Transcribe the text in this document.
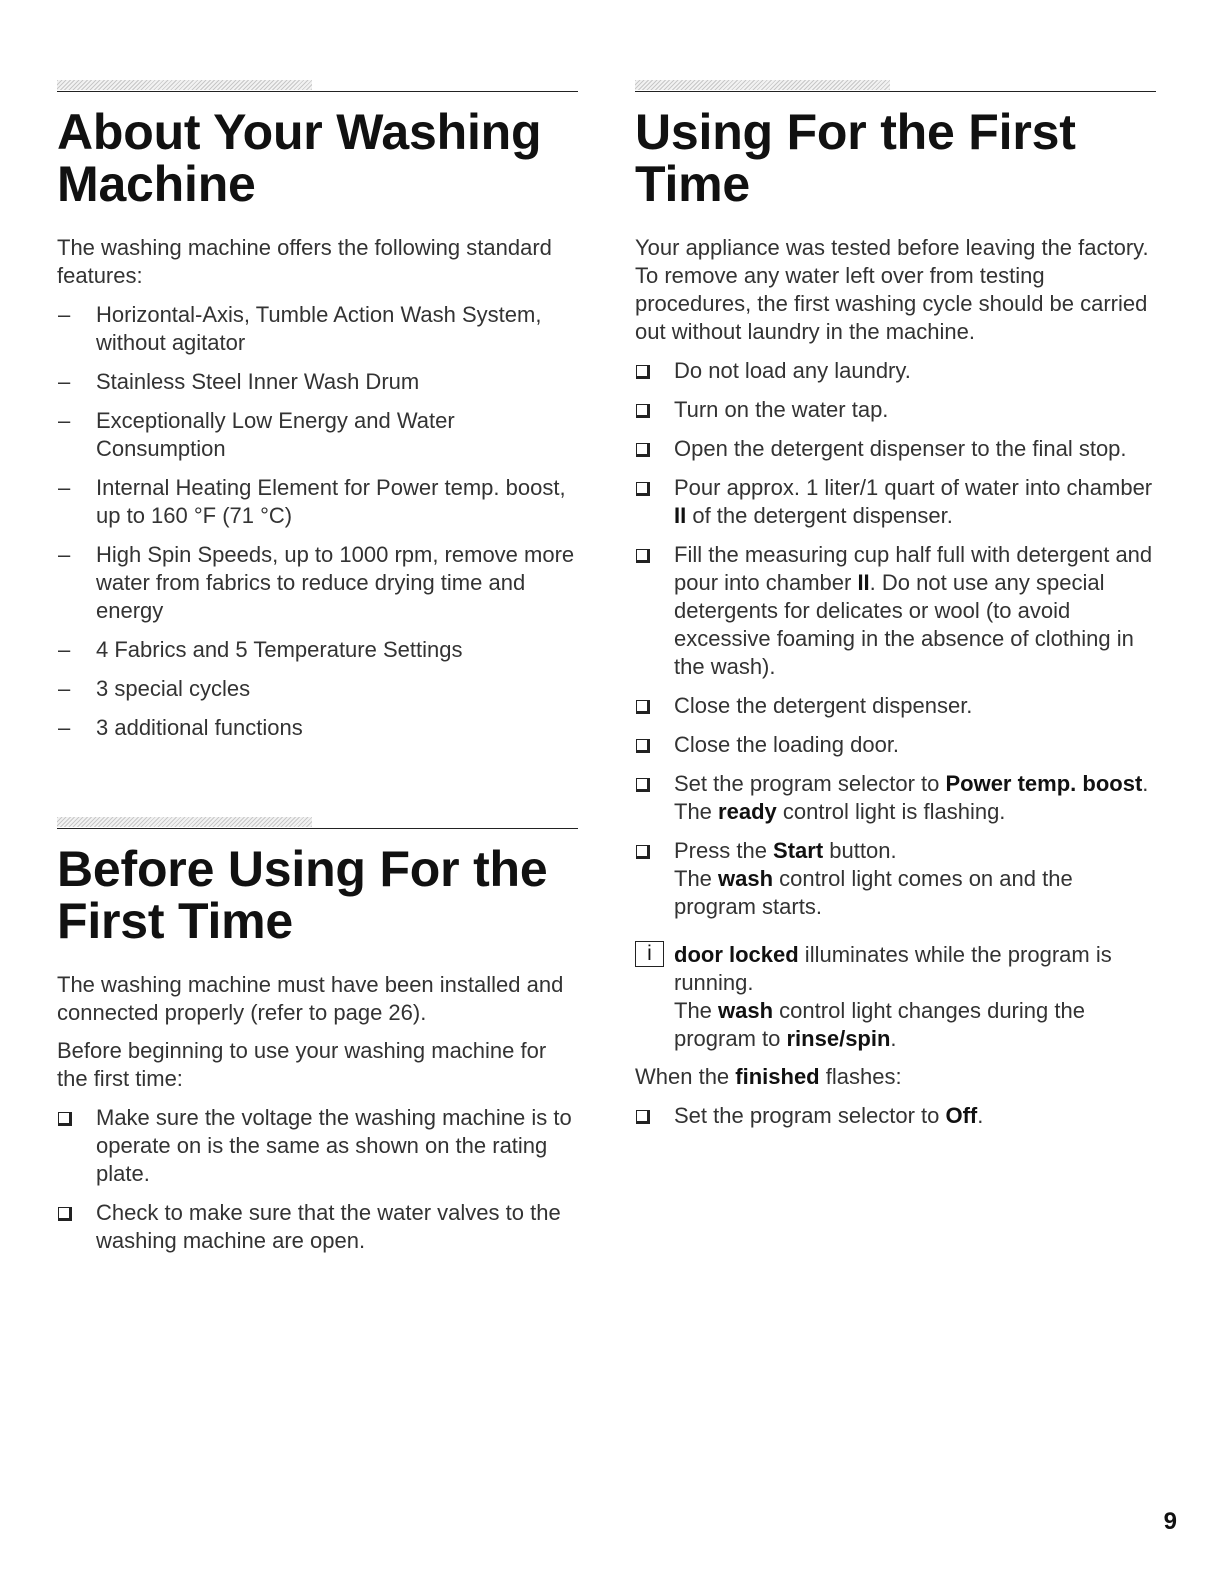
About Your Washing Machine

The washing machine offers the following standard features:

– Horizontal-Axis, Tumble Action Wash System, without agitator
– Stainless Steel Inner Wash Drum
– Exceptionally Low Energy and Water Consumption
– Internal Heating Element for Power temp. boost, up to 160 °F (71 °C)
– High Spin Speeds, up to 1000 rpm, remove more water from fabrics to reduce drying time and energy
– 4 Fabrics and 5 Temperature Settings
– 3 special cycles
– 3 additional functions
Before Using For the First Time

The washing machine must have been installed and connected properly (refer to page 26).

Before beginning to use your washing machine for the first time:

Make sure the voltage the washing machine is to operate on is the same as shown on the rating plate.
Check to make sure that the water valves to the washing machine are open.
Using For the First Time

Your appliance was tested before leaving the factory. To remove any water left over from testing procedures, the first washing cycle should be carried out without laundry in the machine.

Do not load any laundry.
Turn on the water tap.
Open the detergent dispenser to the final stop.
Pour approx. 1 liter/1 quart of water into chamber II of the detergent dispenser.
Fill the measuring cup half full with detergent and pour into chamber II. Do not use any special detergents for delicates or wool (to avoid excessive foaming in the absence of clothing in the wash).
Close the detergent dispenser.
Close the loading door.
Set the program selector to Power temp. boost.
The ready control light is flashing.
Press the Start button.
The wash control light comes on and the program starts.
i	door locked illuminates while the program is running.
The wash control light changes during the program to rinse/spin.

When the finished flashes:

Set the program selector to Off.
9
